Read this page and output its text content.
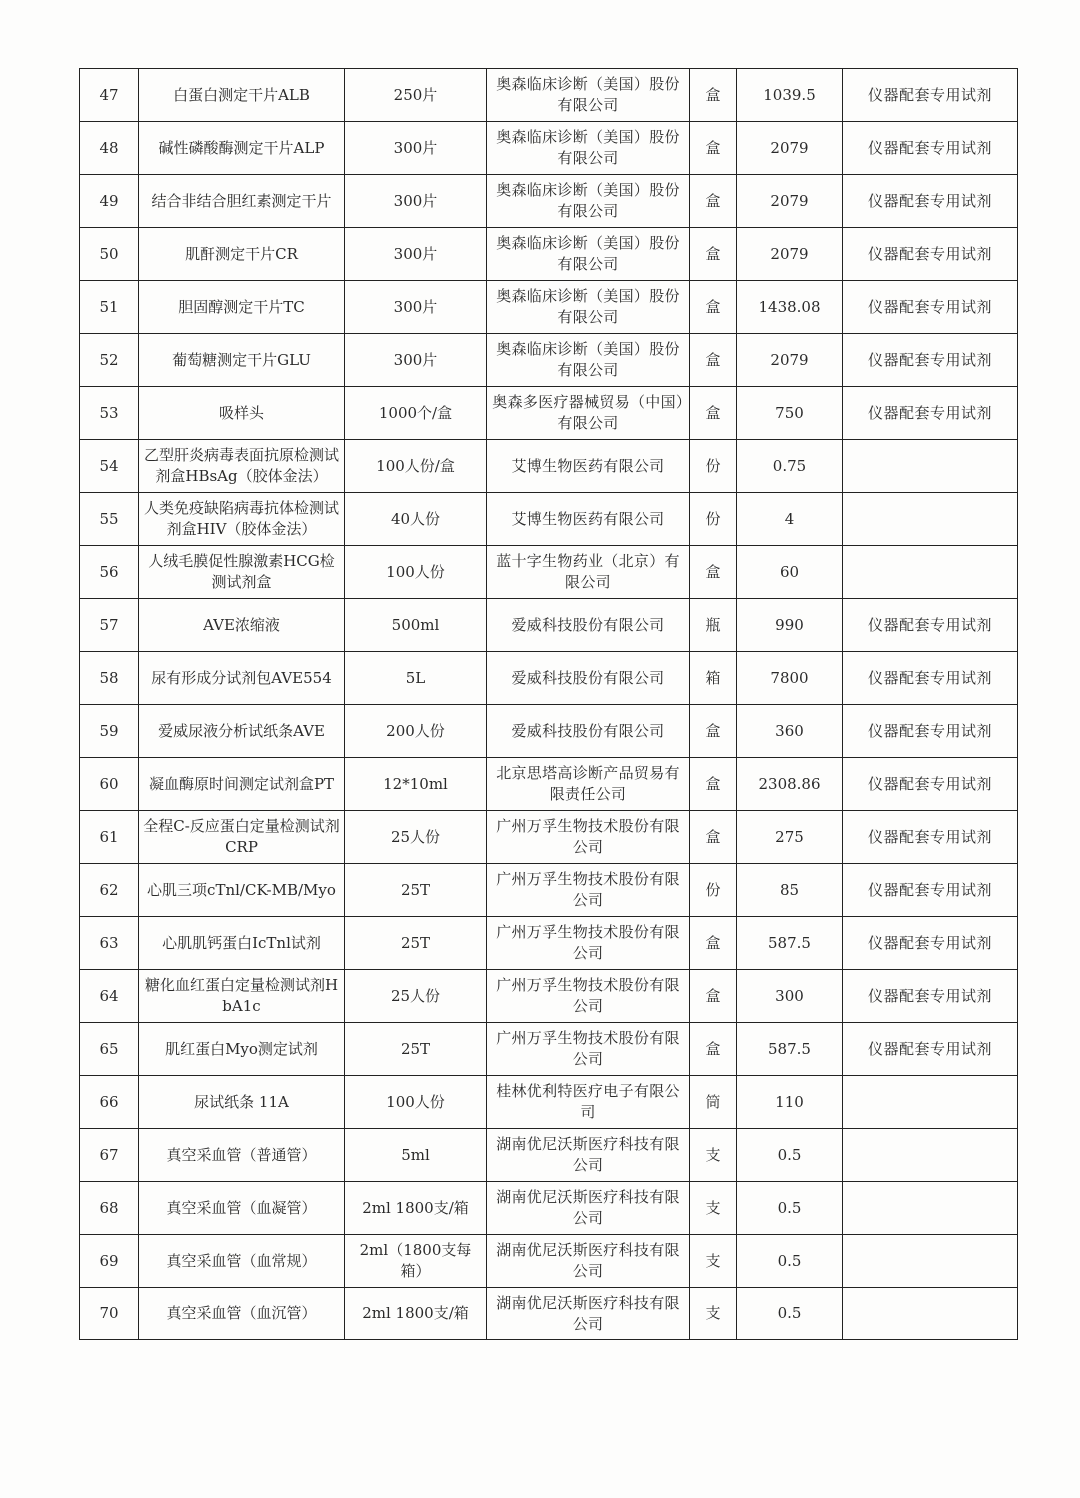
47	白蛋白测定干片ALB	250片	奥森临床诊断（美国）股份有限公司	盒	1039.5	仪器配套专用试剂
48	碱性磷酸酶测定干片ALP	300片	奥森临床诊断（美国）股份有限公司	盒	2079	仪器配套专用试剂
49	结合非结合胆红素测定干片	300片	奥森临床诊断（美国）股份有限公司	盒	2079	仪器配套专用试剂
50	肌酐测定干片CR	300片	奥森临床诊断（美国）股份有限公司	盒	2079	仪器配套专用试剂
51	胆固醇测定干片TC	300片	奥森临床诊断（美国）股份有限公司	盒	1438.08	仪器配套专用试剂
52	葡萄糖测定干片GLU	300片	奥森临床诊断（美国）股份有限公司	盒	2079	仪器配套专用试剂
53	吸样头	1000个/盒	奥森多医疗器械贸易（中国）有限公司	盒	750	仪器配套专用试剂
54	乙型肝炎病毒表面抗原检测试剂盒HBsAg（胶体金法）	100人份/盒	艾博生物医药有限公司	份	0.75	
55	人类免疫缺陷病毒抗体检测试剂盒HIV（胶体金法）	40人份	艾博生物医药有限公司	份	4	
56	人绒毛膜促性腺激素HCG检测试剂盒	100人份	蓝十字生物药业（北京）有限公司	盒	60	
57	AVE浓缩液	500ml	爱威科技股份有限公司	瓶	990	仪器配套专用试剂
58	尿有形成分试剂包AVE554	5L	爱威科技股份有限公司	箱	7800	仪器配套专用试剂
59	爱威尿液分析试纸条AVE	200人份	爱威科技股份有限公司	盒	360	仪器配套专用试剂
60	凝血酶原时间测定试剂盒PT	12*10ml	北京思塔高诊断产品贸易有限责任公司	盒	2308.86	仪器配套专用试剂
61	全程C-反应蛋白定量检测试剂CRP	25人份	广州万孚生物技术股份有限公司	盒	275	仪器配套专用试剂
62	心肌三项cTnl/CK-MB/Myo	25T	广州万孚生物技术股份有限公司	份	85	仪器配套专用试剂
63	心肌肌钙蛋白IcTnl试剂	25T	广州万孚生物技术股份有限公司	盒	587.5	仪器配套专用试剂
64	糖化血红蛋白定量检测试剂HbA1c	25人份	广州万孚生物技术股份有限公司	盒	300	仪器配套专用试剂
65	肌红蛋白Myo测定试剂	25T	广州万孚生物技术股份有限公司	盒	587.5	仪器配套专用试剂
66	尿试纸条 11A	100人份	桂林优利特医疗电子有限公司	筒	110	
67	真空采血管（普通管）	5ml	湖南优尼沃斯医疗科技有限公司	支	0.5	
68	真空采血管（血凝管）	2ml 1800支/箱	湖南优尼沃斯医疗科技有限公司	支	0.5	
69	真空采血管（血常规）	2ml（1800支每箱）	湖南优尼沃斯医疗科技有限公司	支	0.5	
70	真空采血管（血沉管）	2ml 1800支/箱	湖南优尼沃斯医疗科技有限公司	支	0.5	
